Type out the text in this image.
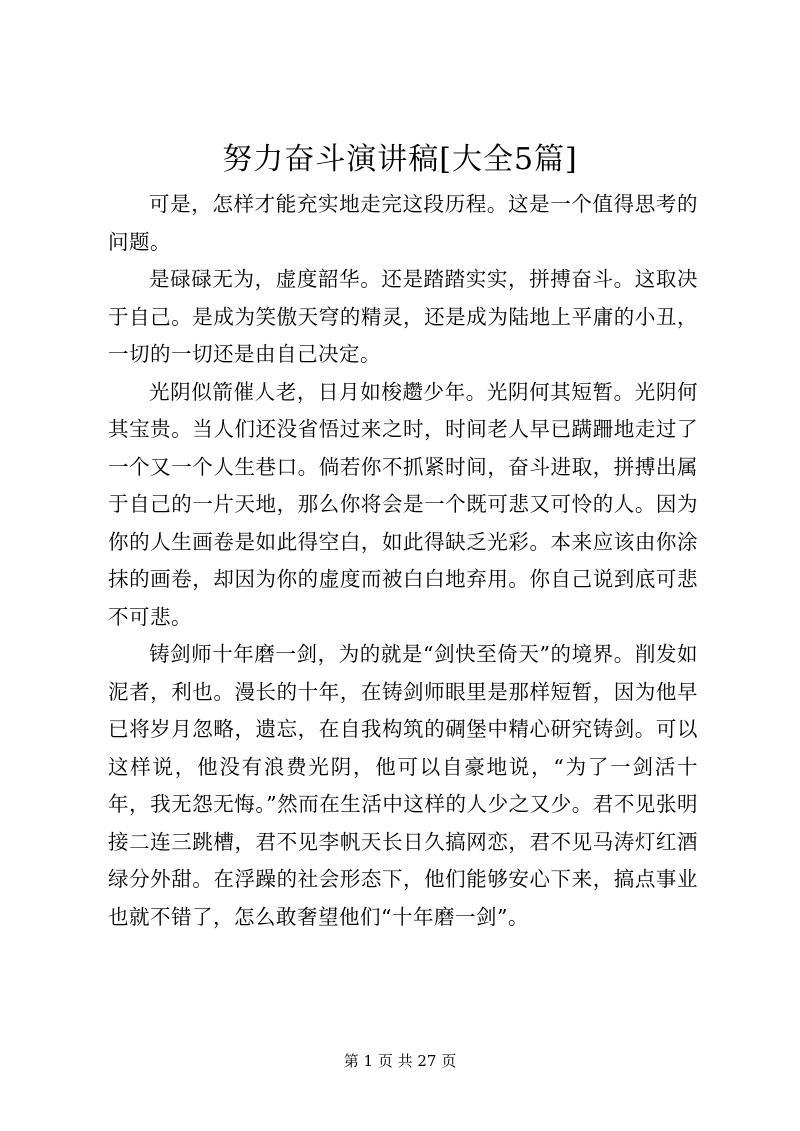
努力奋斗演讲稿[大全5篇]

可是，怎样才能充实地走完这段历程。这是一个值得思考的问题。

是碌碌无为，虚度韶华。还是踏踏实实，拼搏奋斗。这取决于自己。是成为笑傲天穹的精灵，还是成为陆地上平庸的小丑，一切的一切还是由自己决定。

光阴似箭催人老，日月如梭趱少年。光阴何其短暂。光阴何其宝贵。当人们还没省悟过来之时，时间老人早已蹒跚地走过了一个又一个人生巷口。倘若你不抓紧时间，奋斗进取，拼搏出属于自己的一片天地，那么你将会是一个既可悲又可怜的人。因为你的人生画卷是如此得空白，如此得缺乏光彩。本来应该由你涂抹的画卷，却因为你的虚度而被白白地弃用。你自己说到底可悲不可悲。

铸剑师十年磨一剑，为的就是“剑快至倚天”的境界。削发如泥者，利也。漫长的十年，在铸剑师眼里是那样短暂，因为他早已将岁月忽略，遗忘，在自我构筑的碉堡中精心研究铸剑。可以这样说，他没有浪费光阴，他可以自豪地说，“为了一剑活十年，我无怨无悔。”然而在生活中这样的人少之又少。君不见张明接二连三跳槽，君不见李帆天长日久搞网恋，君不见马涛灯红酒绿分外甜。在浮躁的社会形态下，他们能够安心下来，搞点事业也就不错了，怎么敢奢望他们“十年磨一剑”。

第 1 页 共 27 页
